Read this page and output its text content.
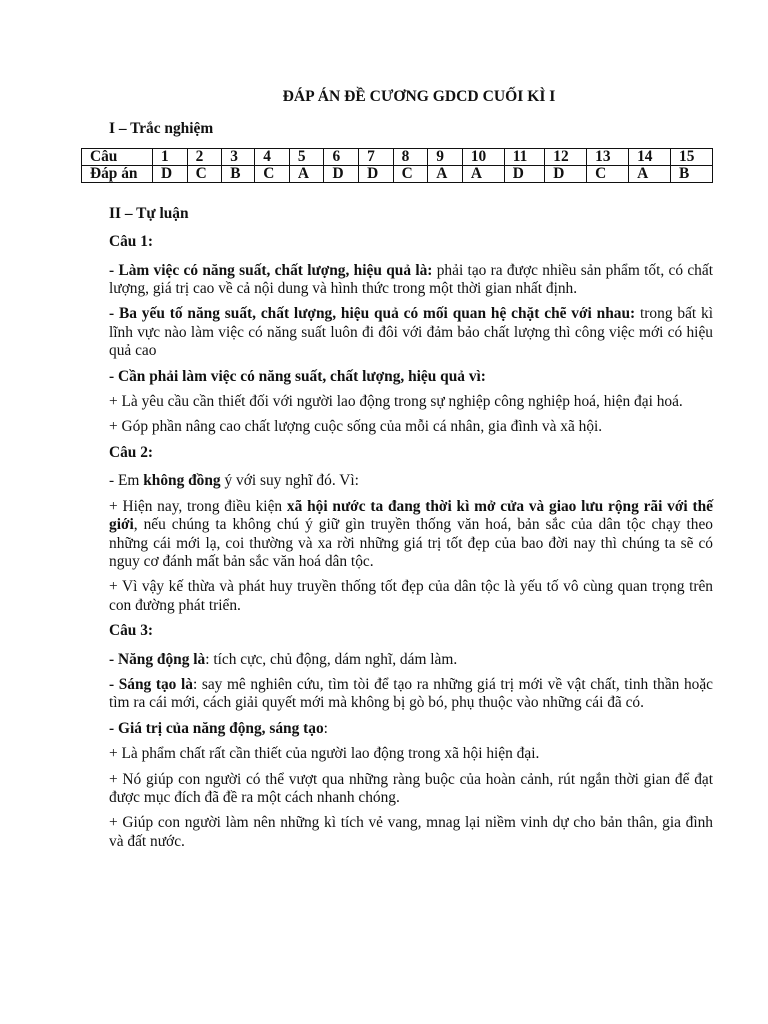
ĐÁP ÁN ĐỀ CƯƠNG GDCD CUỐI KÌ I
I – Trắc nghiệm
Câu	1	2	3	4	5	6	7	8	9	10	11	12	13	14	15
Đáp án	D	C	B	C	A	D	D	C	A	A	D	D	C	A	B
II – Tự luận
Câu 1:

- Làm việc có năng suất, chất lượng, hiệu quả là: phải tạo ra được nhiều sản phẩm tốt, có chất lượng, giá trị cao về cả nội dung và hình thức trong một thời gian nhất định.

- Ba yếu tố năng suất, chất lượng, hiệu quả có mối quan hệ chặt chẽ với nhau: trong bất kì lĩnh vực nào làm việc có năng suất luôn đi đôi với đảm bảo chất lượng thì công việc mới có hiệu quả cao

- Cần phải làm việc có năng suất, chất lượng, hiệu quả vì:

+ Là yêu cầu cần thiết đối với người lao động trong sự nghiệp công nghiệp hoá, hiện đại hoá.

+ Góp phần nâng cao chất lượng cuộc sống của mỗi cá nhân, gia đình và xã hội.

Câu 2:

- Em không đồng ý với suy nghĩ đó. Vì:

+ Hiện nay, trong điều kiện xã hội nước ta đang thời kì mở cửa và giao lưu rộng rãi với thế giới, nếu chúng ta không chú ý giữ gìn truyền thống văn hoá, bản sắc của dân tộc chạy theo những cái mới lạ, coi thường và xa rời những giá trị tốt đẹp của bao đời nay thì chúng ta sẽ có nguy cơ đánh mất bản sắc văn hoá dân tộc.

+ Vì vậy kế thừa và phát huy truyền thống tốt đẹp của dân tộc là yếu tố vô cùng quan trọng trên con đường phát triển.

Câu 3:

- Năng động là: tích cực, chủ động, dám nghĩ, dám làm.

- Sáng tạo là: say mê nghiên cứu, tìm tòi để tạo ra những giá trị mới về vật chất, tinh thần hoặc tìm ra cái mới, cách giải quyết mới mà không bị gò bó, phụ thuộc vào những cái đã có.

- Giá trị của năng động, sáng tạo:

+ Là phẩm chất rất cần thiết của người lao động trong xã hội hiện đại.

+ Nó giúp con người có thể vượt qua những ràng buộc của hoàn cảnh, rút ngắn thời gian để đạt được mục đích đã đề ra một cách nhanh chóng.

+ Giúp con người làm nên những kì tích vẻ vang, mnag lại niềm vinh dự cho bản thân, gia đình và đất nước.
